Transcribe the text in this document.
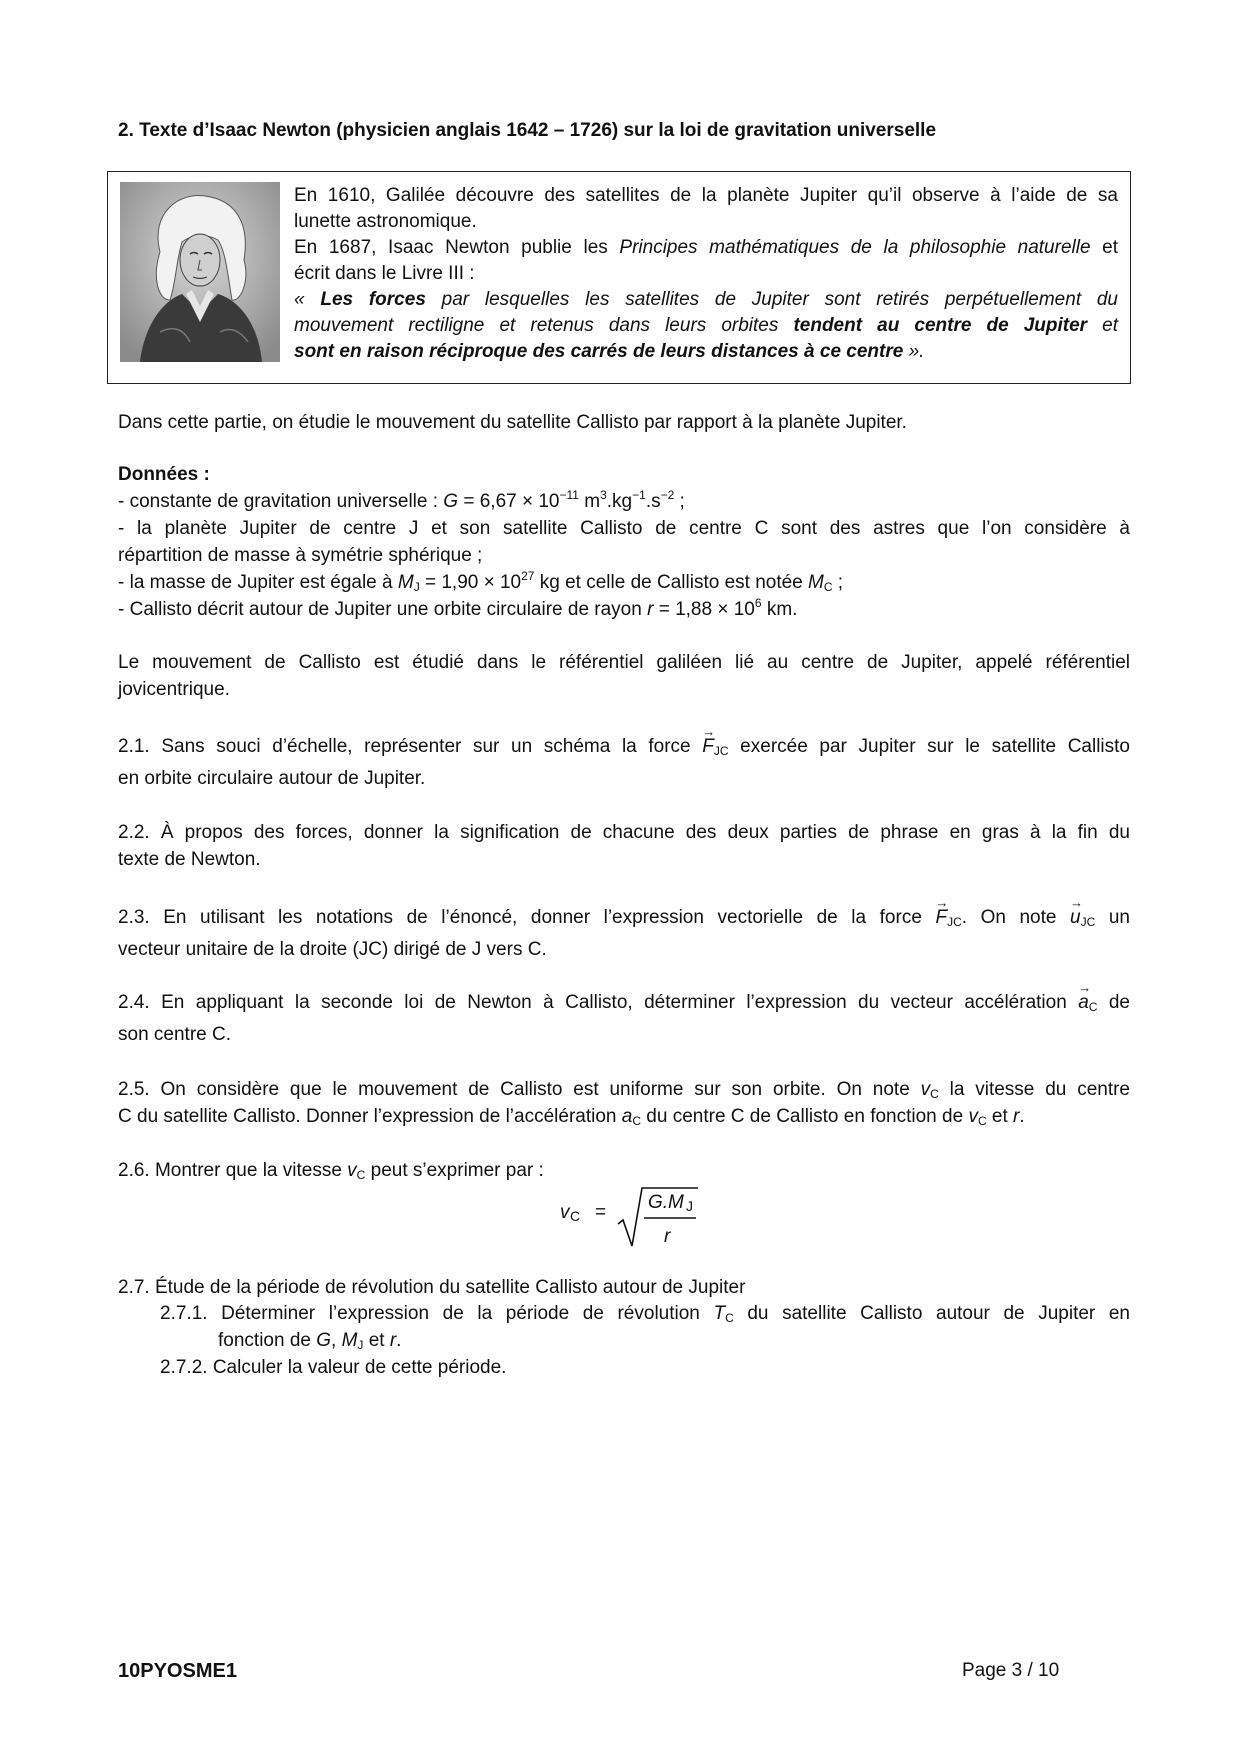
2. Texte d’Isaac Newton (physicien anglais 1642 – 1726) sur la loi de gravitation universelle
En 1610, Galilée découvre des satellites de la planète Jupiter qu’il observe à l’aide de sa
lunette astronomique.
En 1687, Isaac Newton publie les Principes mathématiques de la philosophie naturelle et
écrit dans le Livre III :
« Les forces par lesquelles les satellites de Jupiter sont retirés perpétuellement du
mouvement rectiligne et retenus dans leurs orbites tendent au centre de Jupiter et
sont en raison réciproque des carrés de leurs distances à ce centre ».
Dans cette partie, on étudie le mouvement du satellite Callisto par rapport à la planète Jupiter.
Données :
- constante de gravitation universelle : $G = 6,67 \times 10^{-11}$ $m^3.kg^{-1}.s^{-2}$ ;
- la planète Jupiter de centre J et son satellite Callisto de centre C sont des astres que l’on considère à
répartition de masse à symétrie sphérique ;
- la masse de Jupiter est égale à $M_J = 1,90 \times 10^{27}$ kg et celle de Callisto est notée $M_C$ ;
- Callisto décrit autour de Jupiter une orbite circulaire de rayon $r = 1,88 \times 10^6$ km.
Le mouvement de Callisto est étudié dans le référentiel galiléen lié au centre de Jupiter, appelé référentiel
jovicentrique.
2.1. Sans souci d’échelle, représenter sur un schéma la force → $F_{JC}$ exercée par Jupiter sur le satellite Callisto
en orbite circulaire autour de Jupiter.
2.2. À propos des forces, donner la signification de chacune des deux parties de phrase en gras à la fin du
texte de Newton.
2.3. En utilisant les notations de l’énoncé, donner l’expression vectorielle de la force → $F_{JC}$. On note → $u_{JC}$ un
vecteur unitaire de la droite (JC) dirigé de J vers C.
2.4. En appliquant la seconde loi de Newton à Callisto, déterminer l’expression du vecteur accélération → $a_C$ de
son centre C.
2.5. On considère que le mouvement de Callisto est uniforme sur son orbite. On note $v_C$ la vitesse du centre
C du satellite Callisto. Donner l’expression de l’accélération $a_C$ du centre C de Callisto en fonction de $v_C$ et r.
2.6. Montrer que la vitesse $v_C$ peut s’exprimer par :
v C = G.M J
r
2.7. Étude de la période de révolution du satellite Callisto autour de Jupiter
2.7.1. Déterminer l’expression de la période de révolution $T_C$ du satellite Callisto autour de Jupiter en
fonction de G, $M_J$ et r.
2.7.2. Calculer la valeur de cette période.
10PYOSME1	Page 3 / 10
